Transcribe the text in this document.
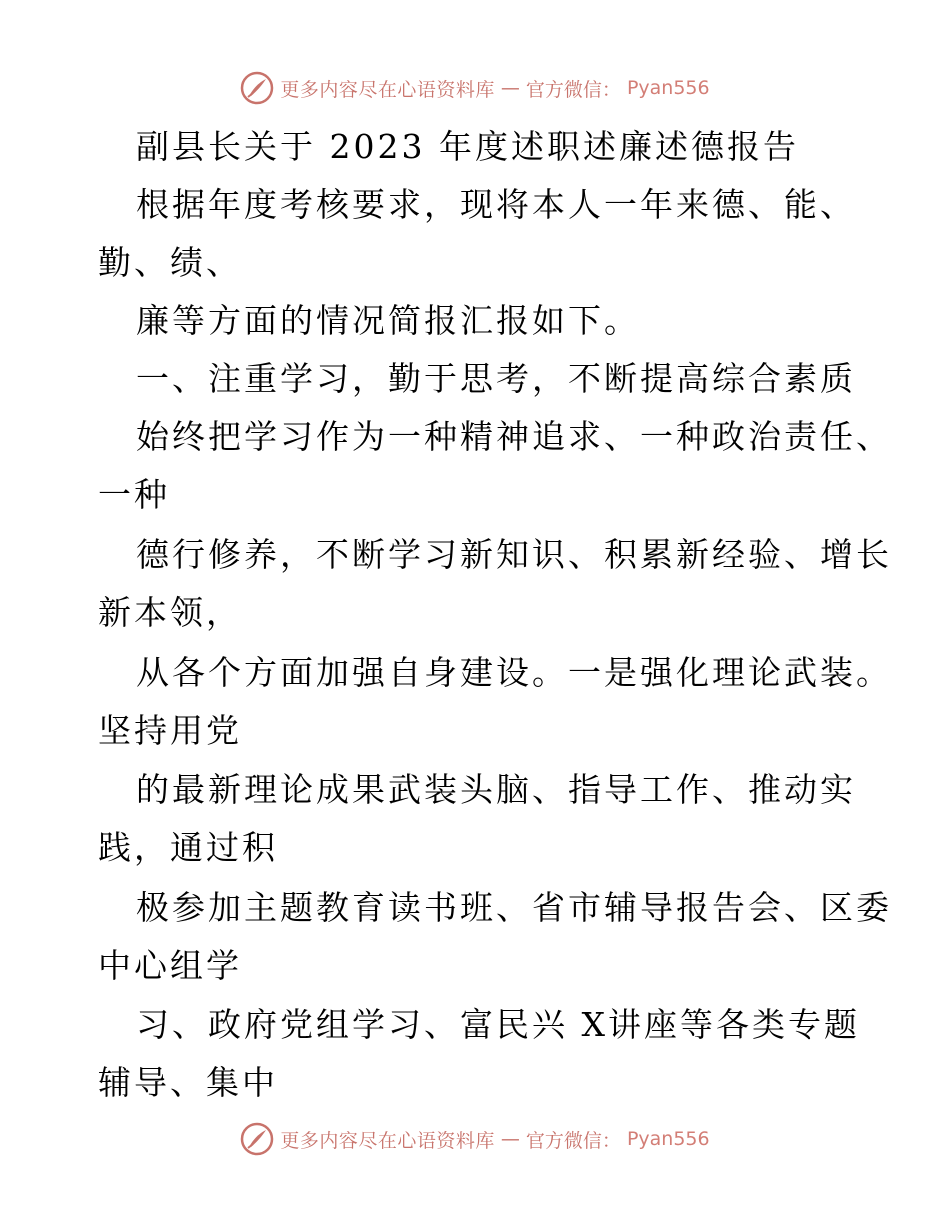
更多内容尽在心语资料库 — 官方微信： Pyan556
副县长关于 2023 年度述职述廉述德报告
根据年度考核要求，现将本人一年来德、能、
勤、绩、
廉等方面的情况简报汇报如下。
一、注重学习，勤于思考，不断提高综合素质
始终把学习作为一种精神追求、一种政治责任、
一种
德行修养，不断学习新知识、积累新经验、增长
新本领，
从各个方面加强自身建设。一是强化理论武装。
坚持用党
的最新理论成果武装头脑、指导工作、推动实
践，通过积
极参加主题教育读书班、省市辅导报告会、区委
中心组学
习、政府党组学习、富民兴 X讲座等各类专题
辅导、集中
更多内容尽在心语资料库 — 官方微信： Pyan556
